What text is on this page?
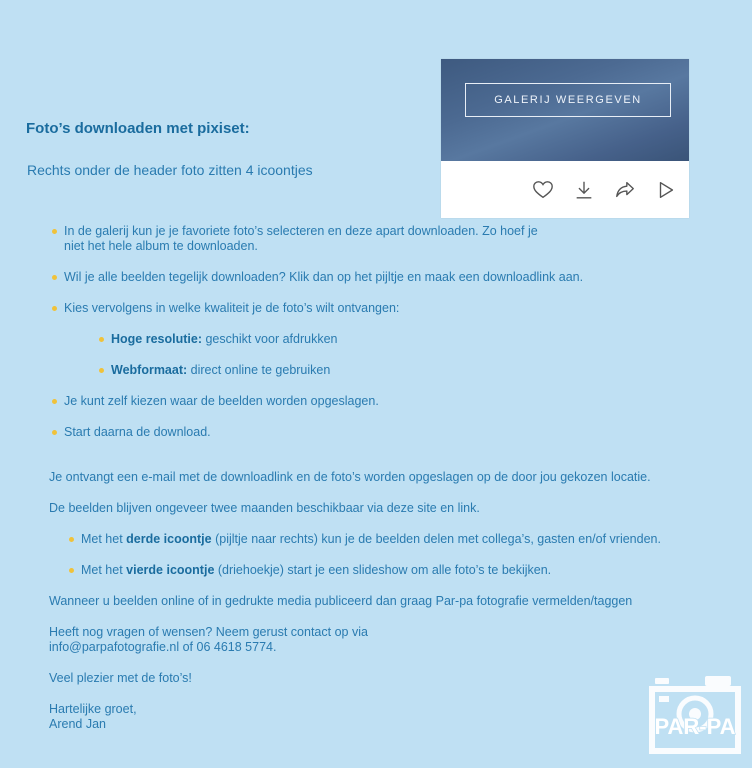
Foto’s downloaden met pixiset:
Rechts onder de header foto zitten 4 icoontjes
GALERIJ WEERGEVEN
In de galerij kun je je favoriete foto’s selecteren en deze apart downloaden. Zo hoef je
niet het hele album te downloaden.
Wil je alle beelden tegelijk downloaden? Klik dan op het pijltje en maak een downloadlink aan.
Kies vervolgens in welke kwaliteit je de foto’s wilt ontvangen:
Hoge resolutie: geschikt voor afdrukken
Webformaat: direct online te gebruiken
Je kunt zelf kiezen waar de beelden worden opgeslagen.
Start daarna de download.
Je ontvangt een e-mail met de downloadlink en de foto’s worden opgeslagen op de door jou gekozen locatie.
De beelden blijven ongeveer twee maanden beschikbaar via deze site en link.
Met het derde icoontje (pijltje naar rechts) kun je de beelden delen met collega’s, gasten en/of vrienden.
Met het vierde icoontje (driehoekje) start je een slideshow om alle foto’s te bekijken.
Wanneer u beelden online of in gedrukte media publiceerd dan graag Par-pa fotografie vermelden/taggen
Heeft nog vragen of wensen? Neem gerust contact op via
info@parpafotografie.nl of 06 4618 5774.
Veel plezier met de foto’s!
Hartelijke groet,
Arend Jan	PAR-PA
